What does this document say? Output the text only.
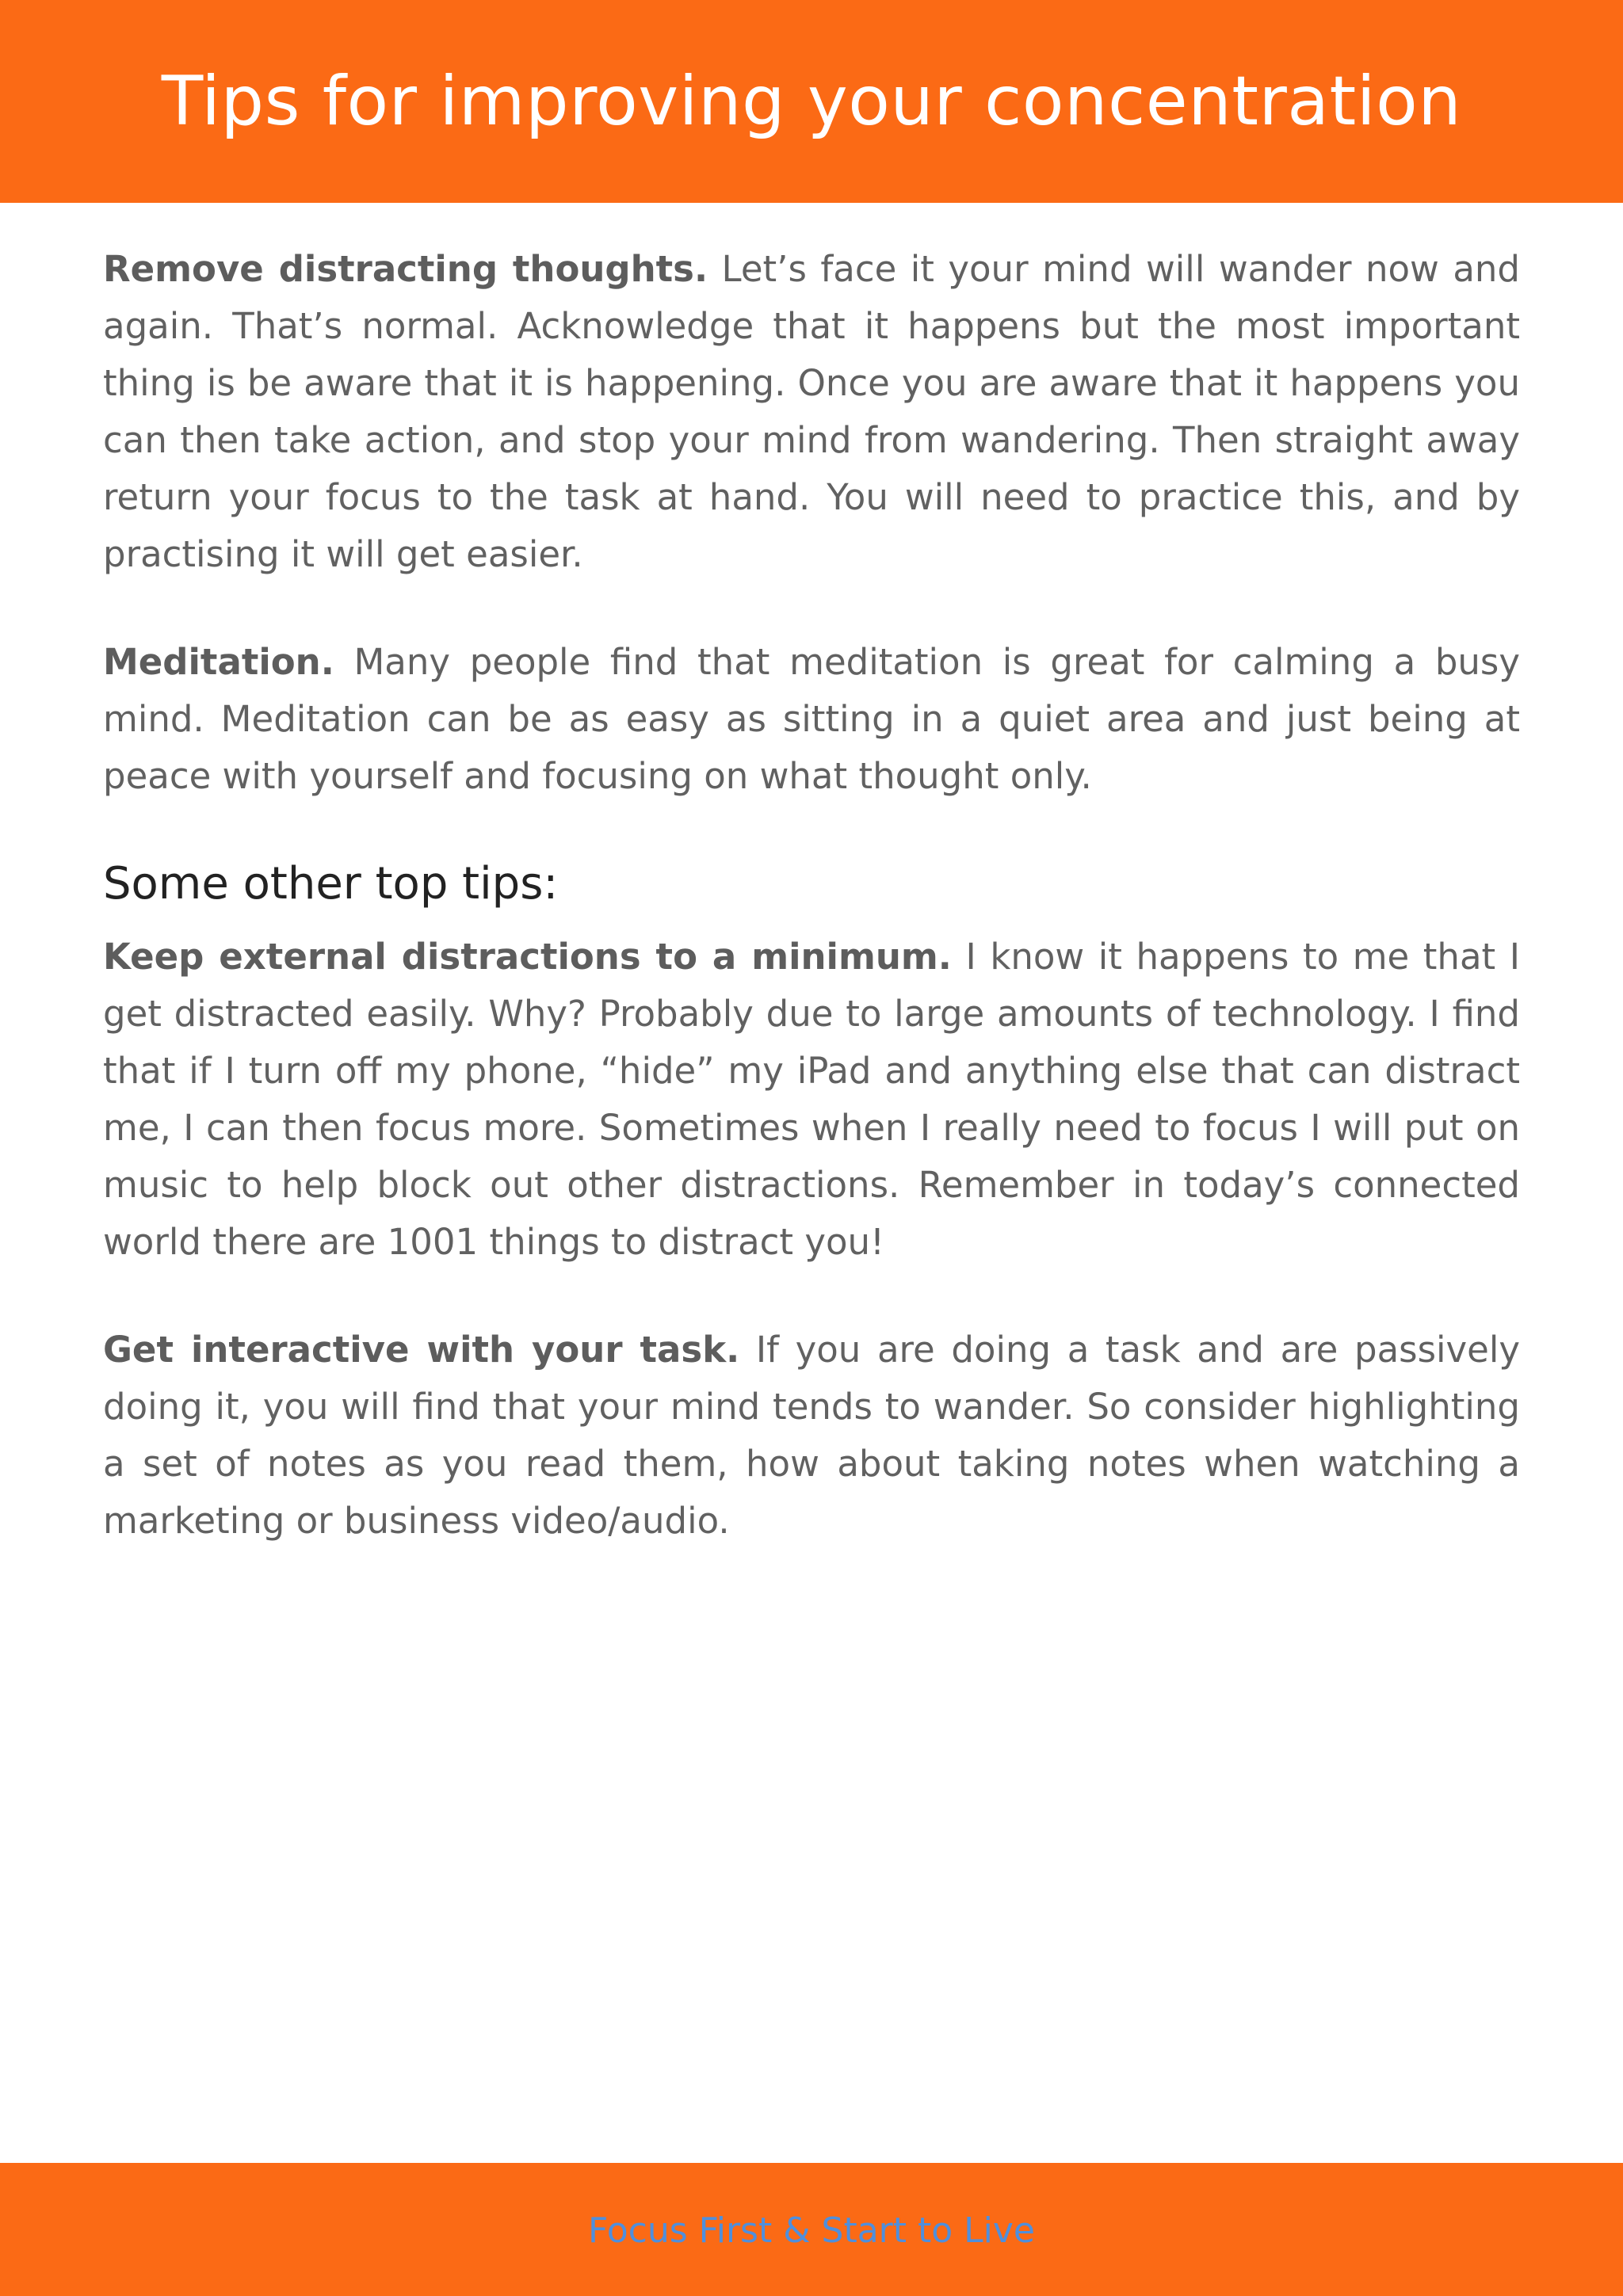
Tips for improving your concentration

Remove distracting thoughts. Let’s face it your mind will wander now and again. That’s normal. Acknowledge that it happens but the most important thing is be aware that it is happening. Once you are aware that it happens you can then take action, and stop your mind from wandering. Then straight away return your focus to the task at hand. You will need to practice this, and by practising it will get easier.

Meditation. Many people find that meditation is great for calming a busy mind. Meditation can be as easy as sitting in a quiet area and just being at peace with yourself and focusing on what thought only.

Some other top tips:

Keep external distractions to a minimum. I know it happens to me that I get distracted easily. Why? Probably due to large amounts of technology. I find that if I turn off my phone, “hide” my iPad and anything else that can distract me, I can then focus more. Sometimes when I really need to focus I will put on music to help block out other distractions. Remember in today’s connected world there are 1001 things to distract you!

Get interactive with your task. If you are doing a task and are passively doing it, you will find that your mind tends to wander. So consider highlighting a set of notes as you read them, how about taking notes when watching a marketing or business video/audio.

Focus First & Start to Live
